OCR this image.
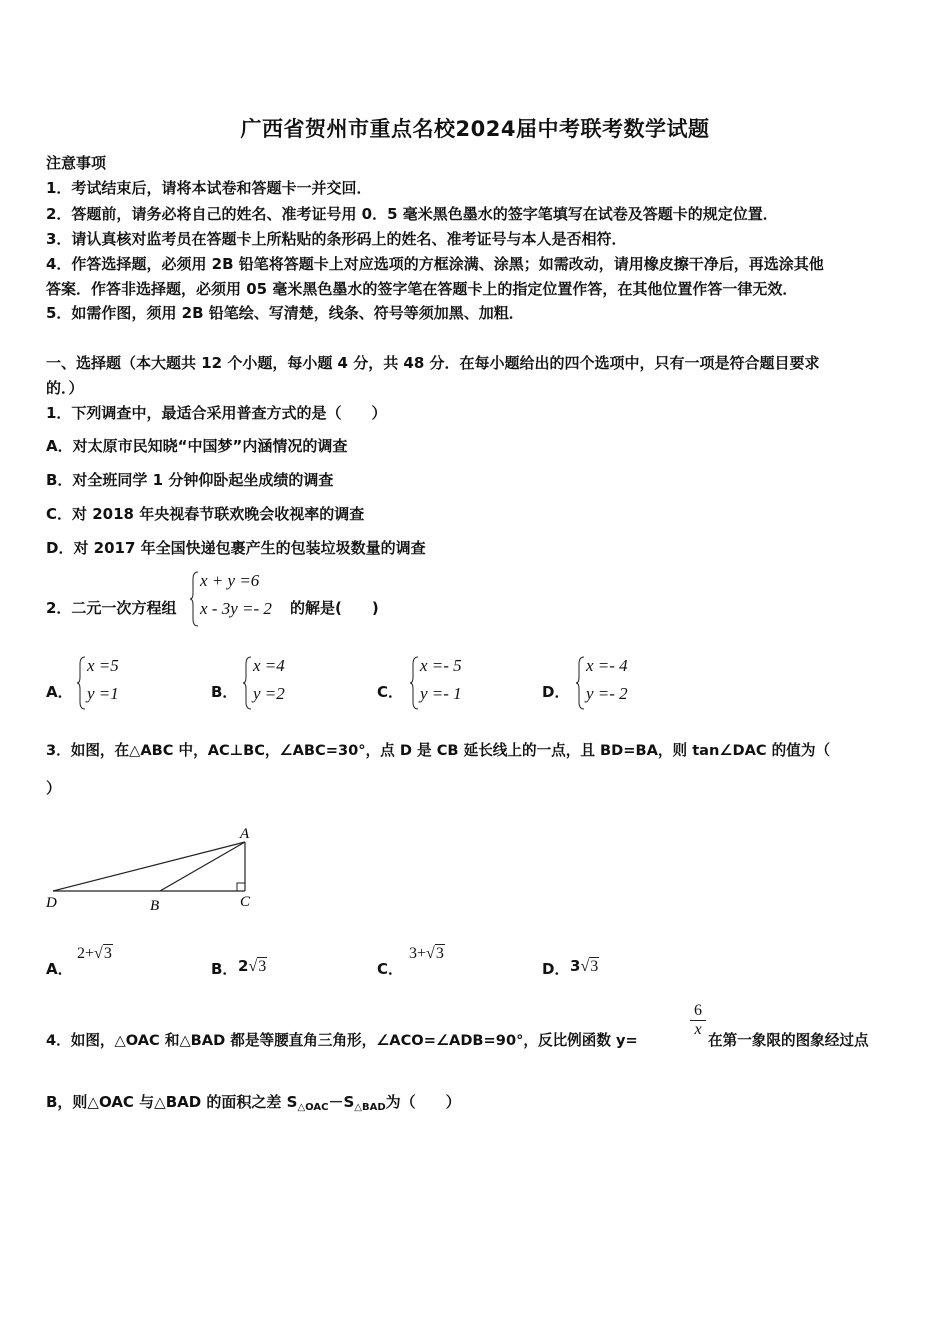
广西省贺州市重点名校2024届中考联考数学试题
注意事项
1．考试结束后，请将本试卷和答题卡一并交回．
2．答题前，请务必将自己的姓名、准考证号用 0．5 毫米黑色墨水的签字笔填写在试卷及答题卡的规定位置．
3．请认真核对监考员在答题卡上所粘贴的条形码上的姓名、准考证号与本人是否相符．
4．作答选择题，必须用 2B 铅笔将答题卡上对应选项的方框涂满、涂黑；如需改动，请用橡皮擦干净后，再选涂其他
答案．作答非选择题，必须用 05 毫米黑色墨水的签字笔在答题卡上的指定位置作答，在其他位置作答一律无效．
5．如需作图，须用 2B 铅笔绘、写清楚，线条、符号等须加黑、加粗．
一、选择题（本大题共 12 个小题，每小题 4 分，共 48 分．在每小题给出的四个选项中，只有一项是符合题目要求
的．）
1．下列调查中，最适合采用普查方式的是（　　）
A．对太原市民知晓“中国梦”内涵情况的调查
B．对全班同学 1 分钟仰卧起坐成绩的调查
C．对 2018 年央视春节联欢晚会收视率的调查
D．对 2017 年全国快递包裹产生的包装垃圾数量的调查
2．二元一次方程组
x + y =6
x - 3y =- 2 的解是(　　)
A．
x =5
y =1	B．
x =4
y =2	C．
x =- 5
y =- 1	D．
x =- 4
y =- 2
3．如图，在△ABC 中，AC⊥BC，∠ABC=30°，点 D 是 CB 延长线上的一点，且 BD=BA，则 tan∠DAC 的值为（
）
A
B	C
D
A．
2+√3
B． 2√3	C．
3+√3
D． 3√3
4．如图，△OAC 和△BAD 都是等腰直角三角形，∠ACO=∠ADB=90°，反比例函数 y=
$\frac{6}{x}$
在第一象限的图象经过点
B，则△OAC 与△BAD 的面积之差 $S_{\triangle OAC}-S_{\triangle BAD}$为（　　）
